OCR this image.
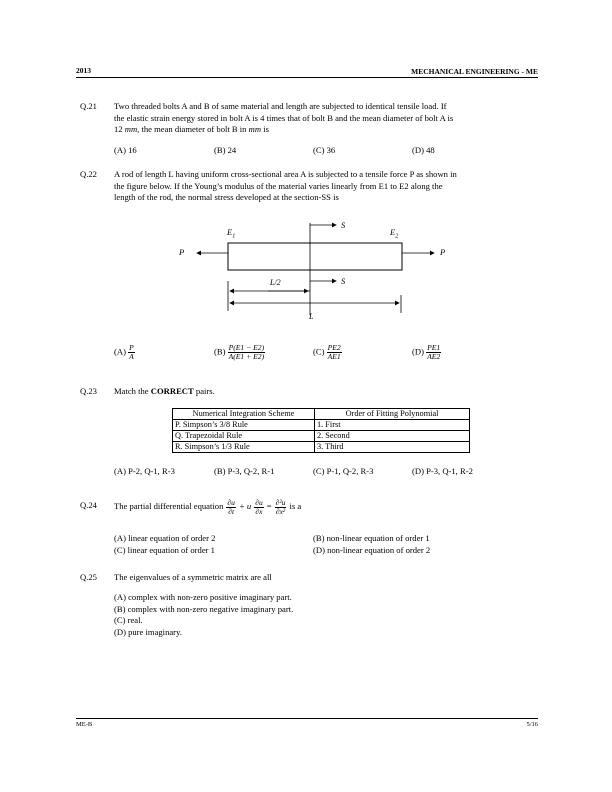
2013	MECHANICAL ENGINEERING - ME
Q.21 Two threaded bolts A and B of same material and length are subjected to identical tensile load. If
the elastic strain energy stored in bolt A is 4 times that of bolt B and the mean diameter of bolt A is
12 mm, the mean diameter of bolt B in mm is
(A) 16	(B) 24	(C) 36	(D) 48
Q.22 A rod of length L having uniform cross-sectional area A is subjected to a tensile force P as shown in
the figure below. If the Young’s modulus of the material varies linearly from E1 to E2 along the
length of the rod, the normal stress developed at the section-SS is
$E_1$	$E_2$
P	P
S
S
L/2
L
$(A) \frac{P}{A}$	$(B) \frac{P(E1 - E2)}{A(E1 + E2)}$	$(C) \frac{PE2}{AE1}$	$(D) \frac{PE1}{AE2}$
Q.23 Match the CORRECT pairs.
Numerical Integration Scheme	Order of Fitting Polynomial
P. Simpson’s 3/8 Rule	1. First
Q. Trapezoidal Rule	2. Second
R. Simpson’s 1/3 Rule	3. Third
(A) P-2, Q-1, R-3	(B) P-3, Q-2, R-1	(C) P-1, Q-2, R-3	(D) P-3, Q-1, R-2
Q.24 The partial differential equation $\frac{\partial u}{\partial t} + u \frac{\partial u}{\partial x} = \frac{\text{∂²u}}{\text{∂x²}}$ is a
(A) linear equation of order 2	(B) non-linear equation of order 1
(C) linear equation of order 1	(D) non-linear equation of order 2
Q.25 The eigenvalues of a symmetric matrix are all
(A) complex with non-zero positive imaginary part.
(B) complex with non-zero negative imaginary part.
(C) real.
(D) pure imaginary.
ME-B	5/16
